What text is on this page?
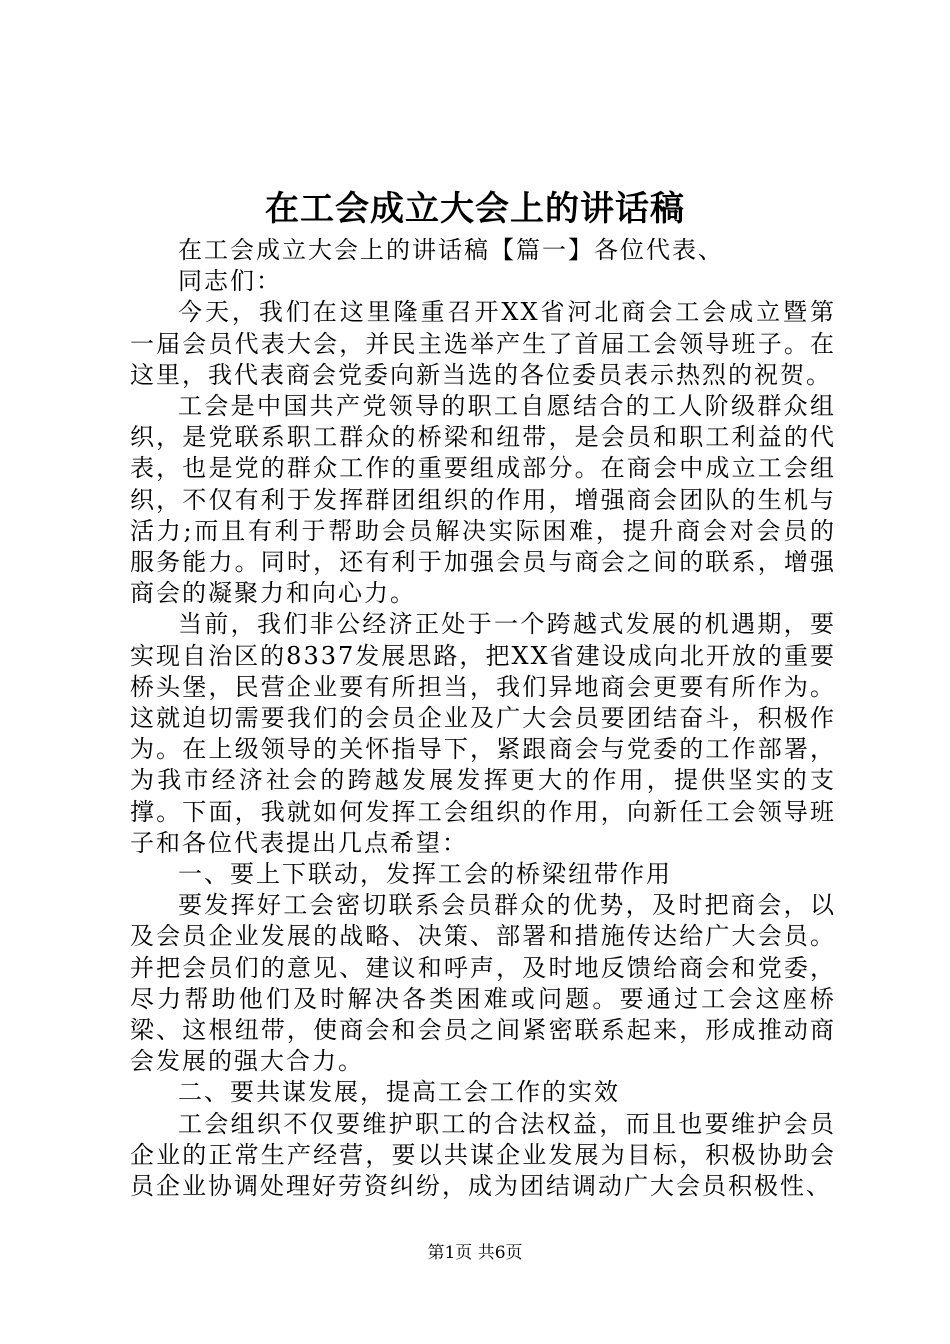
在工会成立大会上的讲话稿

在工会成立大会上的讲话稿【篇一】各位代表、

同志们：

今天，我们在这里隆重召开XX省河北商会工会成立暨第一届会员代表大会，并民主选举产生了首届工会领导班子。在这里，我代表商会党委向新当选的各位委员表示热烈的祝贺。

工会是中国共产党领导的职工自愿结合的工人阶级群众组织，是党联系职工群众的桥梁和纽带，是会员和职工利益的代表，也是党的群众工作的重要组成部分。在商会中成立工会组织，不仅有利于发挥群团组织的作用，增强商会团队的生机与活力;而且有利于帮助会员解决实际困难，提升商会对会员的服务能力。同时，还有利于加强会员与商会之间的联系，增强商会的凝聚力和向心力。

当前，我们非公经济正处于一个跨越式发展的机遇期，要实现自治区的8337发展思路，把XX省建设成向北开放的重要桥头堡，民营企业要有所担当，我们异地商会更要有所作为。这就迫切需要我们的会员企业及广大会员要团结奋斗，积极作为。在上级领导的关怀指导下，紧跟商会与党委的工作部署，为我市经济社会的跨越发展发挥更大的作用，提供坚实的支撑。下面，我就如何发挥工会组织的作用，向新任工会领导班子和各位代表提出几点希望：

一、要上下联动，发挥工会的桥梁纽带作用

要发挥好工会密切联系会员群众的优势，及时把商会，以及会员企业发展的战略、决策、部署和措施传达给广大会员。并把会员们的意见、建议和呼声，及时地反馈给商会和党委，尽力帮助他们及时解决各类困难或问题。要通过工会这座桥梁、这根纽带，使商会和会员之间紧密联系起来，形成推动商会发展的强大合力。

二、要共谋发展，提高工会工作的实效

工会组织不仅要维护职工的合法权益，而且也要维护会员企业的正常生产经营，要以共谋企业发展为目标，积极协助会员企业协调处理好劳资纠纷，成为团结调动广大会员积极性、

第1页 共6页
